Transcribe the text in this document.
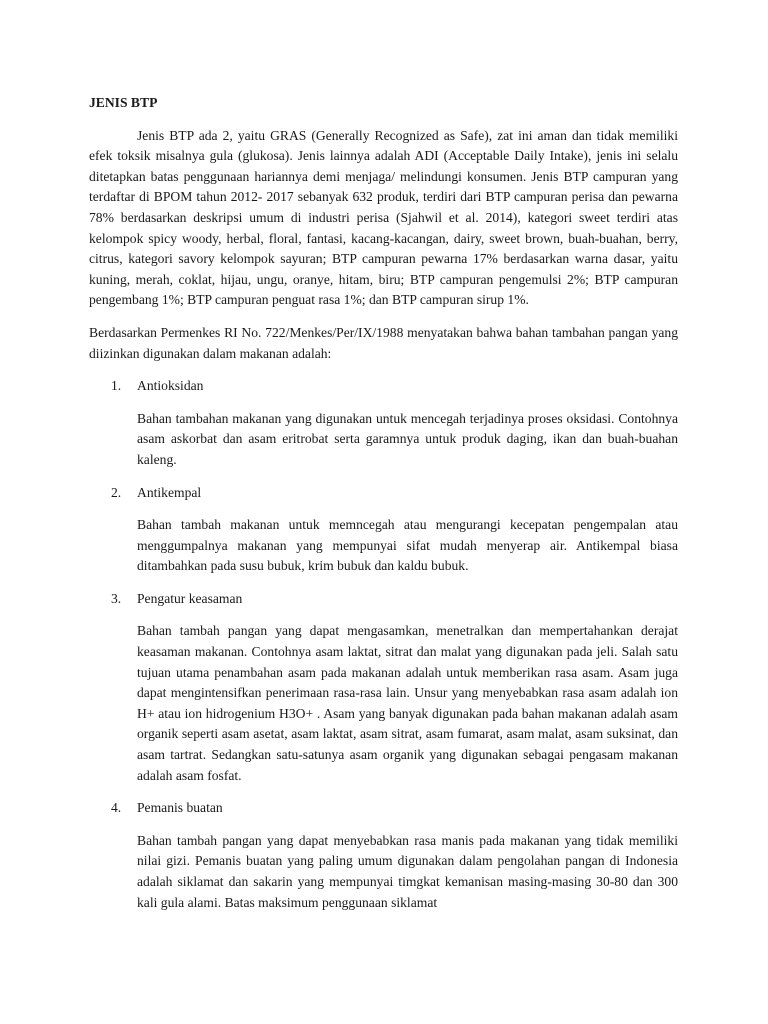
JENIS BTP

Jenis BTP ada 2, yaitu GRAS (Generally Recognized as Safe), zat ini aman dan tidak memiliki efek toksik misalnya gula (glukosa). Jenis lainnya adalah ADI (Acceptable Daily Intake), jenis ini selalu ditetapkan batas penggunaan hariannya demi menjaga/ melindungi konsumen. Jenis BTP campuran yang terdaftar di BPOM tahun 2012- 2017 sebanyak 632 produk, terdiri dari BTP campuran perisa dan pewarna 78% berdasarkan deskripsi umum di industri perisa (Sjahwil et al. 2014), kategori sweet terdiri atas kelompok spicy woody, herbal, floral, fantasi, kacang-kacangan, dairy, sweet brown, buah-buahan, berry, citrus, kategori savory kelompok sayuran; BTP campuran pewarna 17% berdasarkan warna dasar, yaitu kuning, merah, coklat, hijau, ungu, oranye, hitam, biru; BTP campuran pengemulsi 2%; BTP campuran pengembang 1%; BTP campuran penguat rasa 1%; dan BTP campuran sirup 1%.

Berdasarkan Permenkes RI No. 722/Menkes/Per/IX/1988 menyatakan bahwa bahan tambahan pangan yang diizinkan digunakan dalam makanan adalah:

1. Antioksidan
Bahan tambahan makanan yang digunakan untuk mencegah terjadinya proses oksidasi. Contohnya asam askorbat dan asam eritrobat serta garamnya untuk produk daging, ikan dan buah-buahan kaleng.
2. Antikempal
Bahan tambah makanan untuk memncegah atau mengurangi kecepatan pengempalan atau menggumpalnya makanan yang mempunyai sifat mudah menyerap air. Antikempal biasa ditambahkan pada susu bubuk, krim bubuk dan kaldu bubuk.
3. Pengatur keasaman
Bahan tambah pangan yang dapat mengasamkan, menetralkan dan mempertahankan derajat keasaman makanan. Contohnya asam laktat, sitrat dan malat yang digunakan pada jeli. Salah satu tujuan utama penambahan asam pada makanan adalah untuk memberikan rasa asam. Asam juga dapat mengintensifkan penerimaan rasa-rasa lain. Unsur yang menyebabkan rasa asam adalah ion H+ atau ion hidrogenium H3O+ . Asam yang banyak digunakan pada bahan makanan adalah asam organik seperti asam asetat, asam laktat, asam sitrat, asam fumarat, asam malat, asam suksinat, dan asam tartrat. Sedangkan satu-satunya asam organik yang digunakan sebagai pengasam makanan adalah asam fosfat.
4. Pemanis buatan
Bahan tambah pangan yang dapat menyebabkan rasa manis pada makanan yang tidak memiliki nilai gizi. Pemanis buatan yang paling umum digunakan dalam pengolahan pangan di Indonesia adalah siklamat dan sakarin yang mempunyai timgkat kemanisan masing-masing 30-80 dan 300 kali gula alami. Batas maksimum penggunaan siklamat
